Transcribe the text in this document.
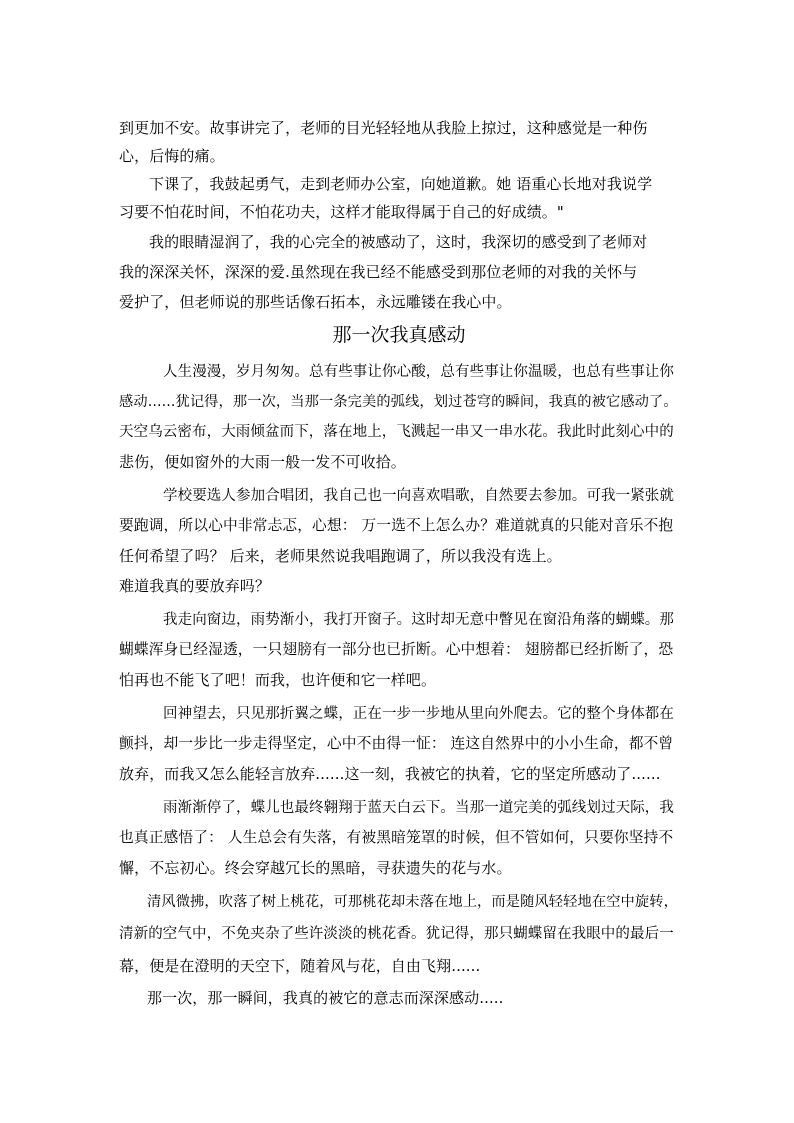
到更加不安。故事讲完了，老师的目光轻轻地从我脸上掠过，这种感觉是一种伤
心，后悔的痛。
下课了，我鼓起勇气，走到老师办公室，向她道歉。她 语重心长地对我说学
习要不怕花时间，不怕花功夫，这样才能取得属于自己的好成绩。"
我的眼睛湿润了，我的心完全的被感动了，这时，我深切的感受到了老师对
我的深深关怀，深深的爱.虽然现在我已经不能感受到那位老师的对我的关怀与
爱护了，但老师说的那些话像石拓本，永远雕镂在我心中。
那一次我真感动
人生漫漫，岁月匆匆。总有些事让你心酸，总有些事让你温暖，也总有些事让你
感动......犹记得，那一次，当那一条完美的弧线，划过苍穹的瞬间，我真的被它感动了。
天空乌云密布，大雨倾盆而下，落在地上，飞溅起一串又一串水花。我此时此刻心中的
悲伤，便如窗外的大雨一般一发不可收拾。
学校要选人参加合唱团，我自己也一向喜欢唱歌，自然要去参加。可我一紧张就
要跑调，所以心中非常忐忑，心想： 万一选不上怎么办？难道就真的只能对音乐不抱
任何希望了吗？ 后来，老师果然说我唱跑调了，所以我没有选上。
难道我真的要放弃吗？
我走向窗边，雨势渐小，我打开窗子。这时却无意中瞥见在窗沿角落的蝴蝶。那
蝴蝶浑身已经湿透，一只翅膀有一部分也已折断。心中想着： 翅膀都已经折断了，恐
怕再也不能飞了吧！而我，也许便和它一样吧。
回神望去，只见那折翼之蝶，正在一步一步地从里向外爬去。它的整个身体都在
颤抖，却一步比一步走得坚定，心中不由得一怔： 连这自然界中的小小生命，都不曾
放弃，而我又怎么能轻言放弃......这一刻，我被它的执着，它的坚定所感动了......
雨渐渐停了，蝶儿也最终翱翔于蓝天白云下。当那一道完美的弧线划过天际，我
也真正感悟了： 人生总会有失落，有被黑暗笼罩的时候，但不管如何，只要你坚持不
懈，不忘初心。终会穿越冗长的黑暗，寻获遗失的花与水。
清风微拂，吹落了树上桃花，可那桃花却未落在地上，而是随风轻轻地在空中旋转，
清新的空气中，不免夹杂了些许淡淡的桃花香。犹记得，那只蝴蝶留在我眼中的最后一
幕，便是在澄明的天空下，随着风与花，自由飞翔......
那一次，那一瞬间，我真的被它的意志而深深感动.....
